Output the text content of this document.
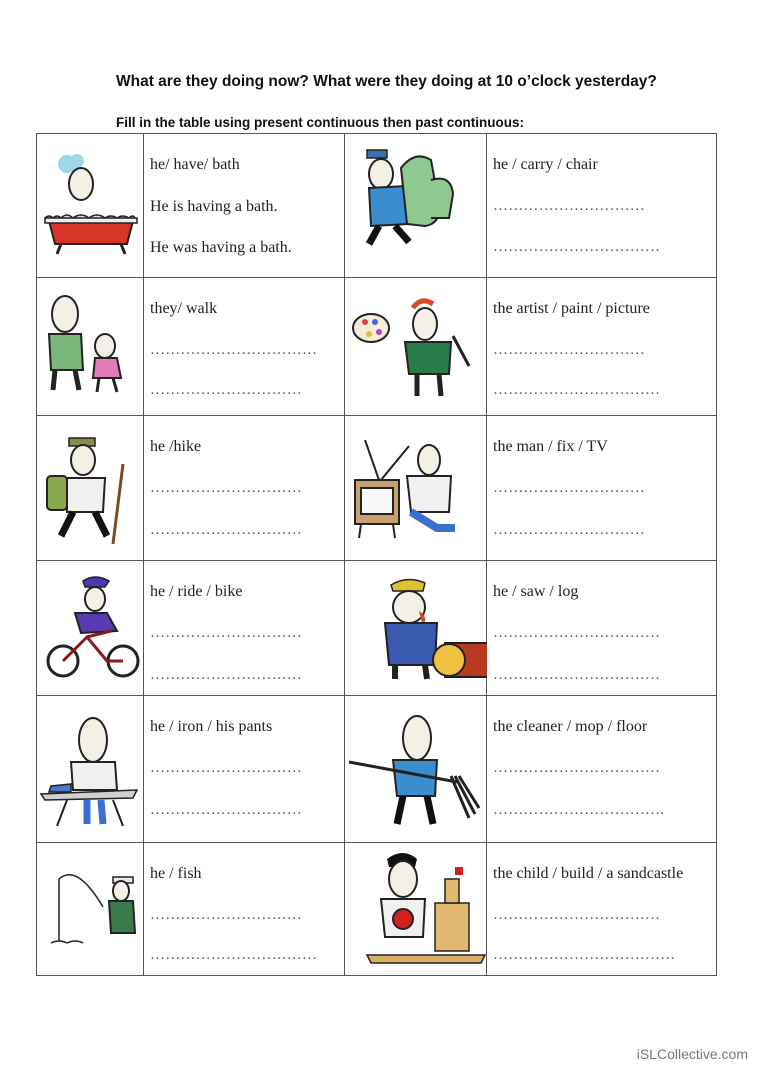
What are they doing now? What were they doing at 10 o’clock yesterday?
Fill in the table using present continuous then past continuous:
he/ have/ bath
He is having a bath.
He was having a bath.
he / carry / chair
…………………………
……………………………
they/ walk
……………………………
…………………………
the artist / paint / picture
…………………………
……………………………
he /hike
…………………………
…………………………
the man / fix / TV
…………………………
…………………………
he / ride / bike
…………………………
…………………………
he / saw / log
……………………………
……………………………
he / iron / his pants
…………………………
…………………………
the cleaner / mop / floor
……………………………
…………………………….
he / fish
…………………………
……………………………
the child / build / a sandcastle
……………………………
………………………………
iSLCollective.com
